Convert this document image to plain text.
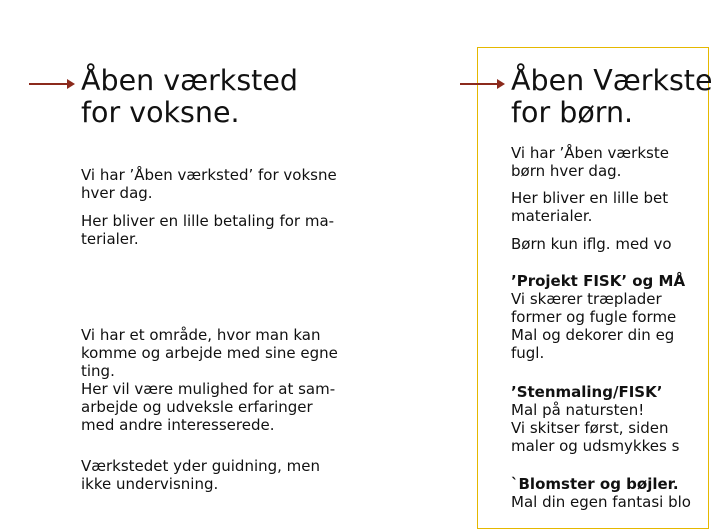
Åben værksted
for voksne.
Vi har ’Åben værksted’ for voksne
hver dag.
Her bliver en lille betaling for ma-
terialer.
Vi har et område, hvor man kan
komme og arbejde med sine egne
ting.
Her vil være mulighed for at sam-
arbejde og udveksle erfaringer
med andre interesserede.
Værkstedet yder guidning, men
ikke undervisning.
Åben Værkste
for børn.
Vi har ’Åben værkste
børn hver dag.
Her bliver en lille bet
materialer.
Børn kun iflg. med vo
’Projekt FISK’ og MÅ
Vi skærer træplader
former og fugle forme
Mal og dekorer din eg
fugl.
’Stenmaling/FISK’
Mal på natursten!
Vi skitser først, siden
maler og udsmykkes s
`Blomster og bøjler.
Mal din egen fantasi blo
